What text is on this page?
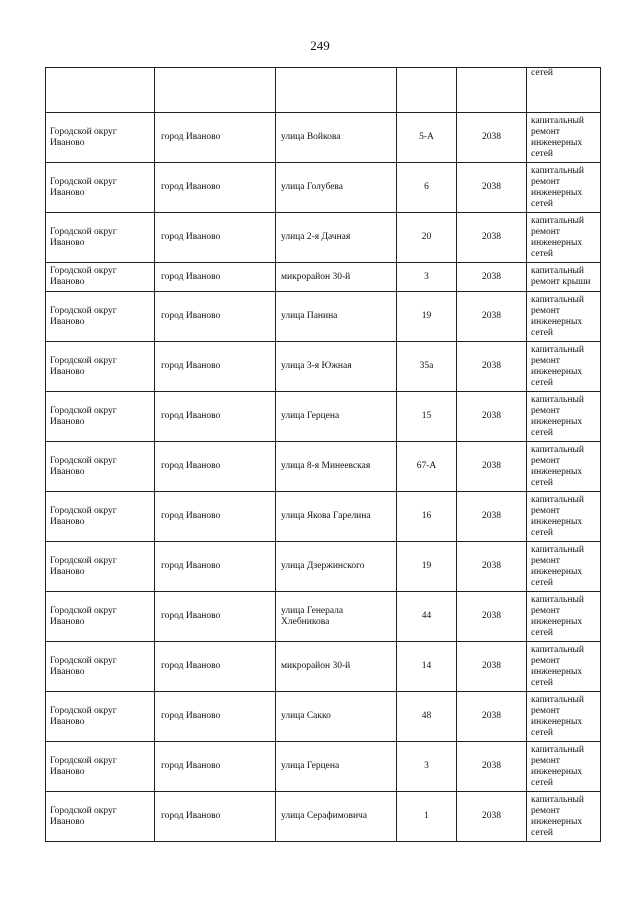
249
					сетей
Городской округ Иваново	город Иваново	улица Войкова	5-А	2038	капитальный ремонт инженерных сетей
Городской округ Иваново	город Иваново	улица Голубева	6	2038	капитальный ремонт инженерных сетей
Городской округ Иваново	город Иваново	улица 2-я Дачная	20	2038	капитальный ремонт инженерных сетей
Городской округ Иваново	город Иваново	микрорайон 30-й	3	2038	капитальный ремонт крыши
Городской округ Иваново	город Иваново	улица Панина	19	2038	капитальный ремонт инженерных сетей
Городской округ Иваново	город Иваново	улица 3-я Южная	35а	2038	капитальный ремонт инженерных сетей
Городской округ Иваново	город Иваново	улица Герцена	15	2038	капитальный ремонт инженерных сетей
Городской округ Иваново	город Иваново	улица 8-я Минеевская	67-А	2038	капитальный ремонт инженерных сетей
Городской округ Иваново	город Иваново	улица Якова Гарелина	16	2038	капитальный ремонт инженерных сетей
Городской округ Иваново	город Иваново	улица Дзержинского	19	2038	капитальный ремонт инженерных сетей
Городской округ Иваново	город Иваново	улица Генерала Хлебникова	44	2038	капитальный ремонт инженерных сетей
Городской округ Иваново	город Иваново	микрорайон 30-й	14	2038	капитальный ремонт инженерных сетей
Городской округ Иваново	город Иваново	улица Сакко	48	2038	капитальный ремонт инженерных сетей
Городской округ Иваново	город Иваново	улица Герцена	3	2038	капитальный ремонт инженерных сетей
Городской округ Иваново	город Иваново	улица Серафимовича	1	2038	капитальный ремонт инженерных сетей
